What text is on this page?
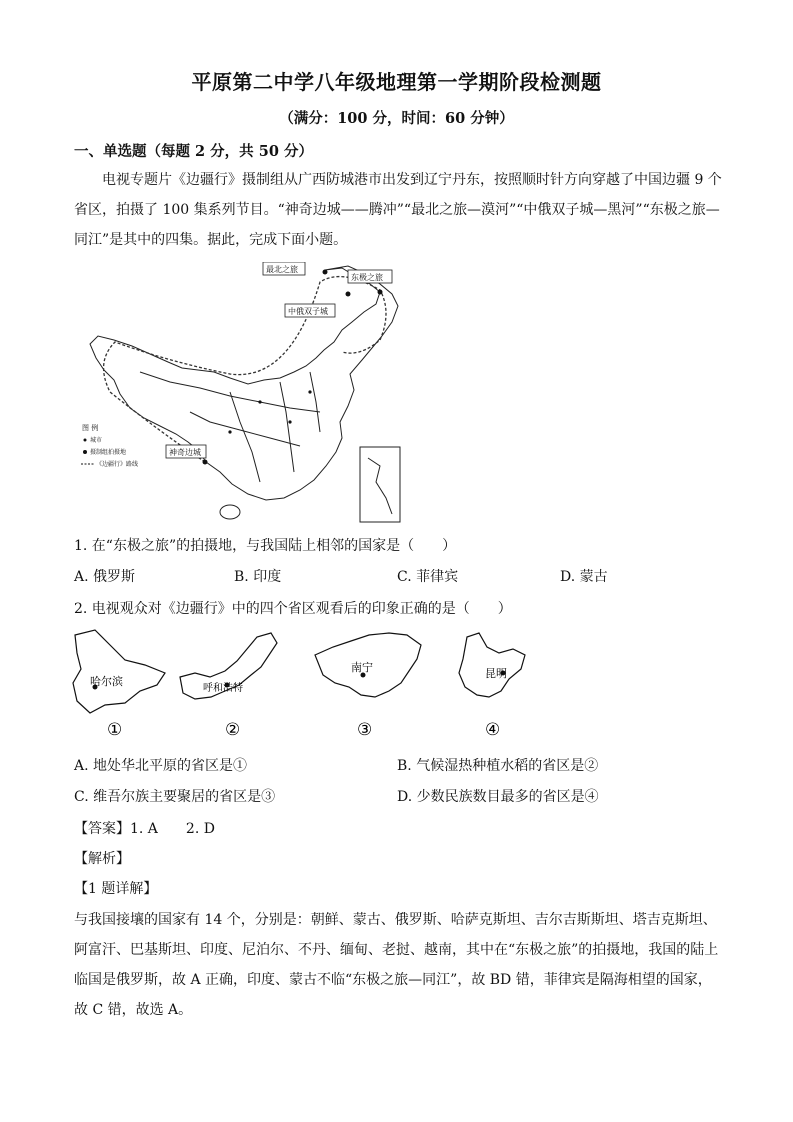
平原第二中学八年级地理第一学期阶段检测题
（满分：100 分，时间：60 分钟）
一、单选题（每题 2 分，共 50 分）
电视专题片《边疆行》摄制组从广西防城港市出发到辽宁丹东，按照顺时针方向穿越了中国边疆 9 个省区，拍摄了 100 集系列节目。“神奇边城——腾冲”“最北之旅—漠河”“中俄双子城—黑河”“东极之旅—同江”是其中的四集。据此，完成下面小题。
最北之旅
东极之旅
中俄双子城
神奇边城
图 例
城市
摄制组拍摄地
《边疆行》路线
1. 在“东极之旅”的拍摄地，与我国陆上相邻的国家是（　　）
A. 俄罗斯	B. 印度	C. 菲律宾	D. 蒙古
2. 电视观众对《边疆行》中的四个省区观看后的印象正确的是（　　）
哈尔滨
①
呼和浩特
②
南宁
③
昆明
④
A. 地处华北平原的省区是①	B. 气候湿热种植水稻的省区是②
C. 维吾尔族主要聚居的省区是③	D. 少数民族数目最多的省区是④
【答案】1. A　　2. D
【解析】
【1 题详解】
与我国接壤的国家有 14 个，分别是：朝鲜、蒙古、俄罗斯、哈萨克斯坦、吉尔吉斯斯坦、塔吉克斯坦、阿富汗、巴基斯坦、印度、尼泊尔、不丹、缅甸、老挝、越南，其中在“东极之旅”的拍摄地，我国的陆上临国是俄罗斯，故 A 正确，印度、蒙古不临“东极之旅—同江”，故 BD 错，菲律宾是隔海相望的国家，故 C 错，故选 A。
